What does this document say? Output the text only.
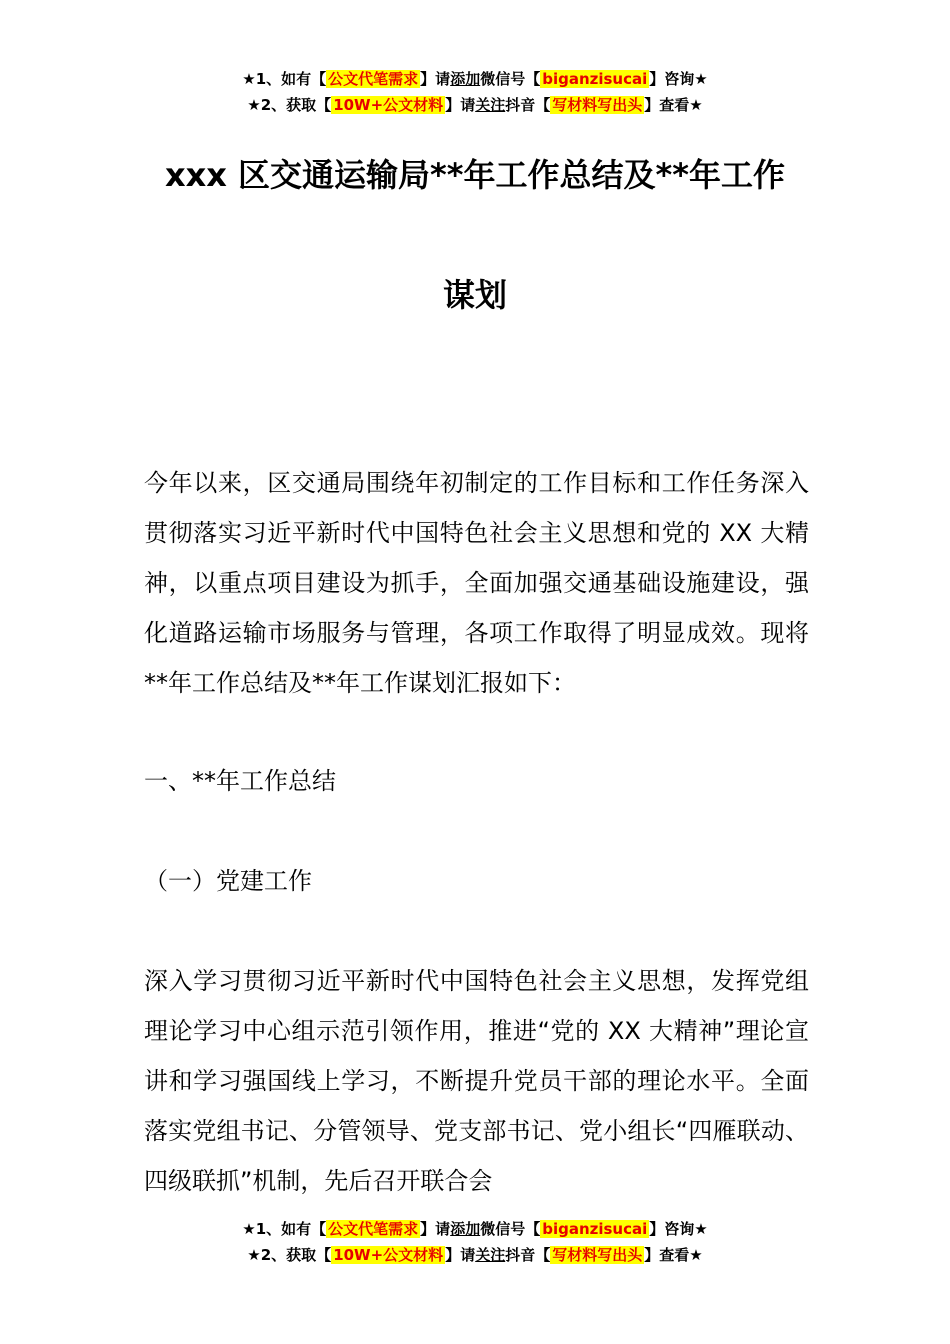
★1、如有【 公文代笔需求 】请添加微信号【 biganzisucai 】咨询★
★2、获取【 10W+公文材料 】请关注抖音【 写材料写出头 】查看★
xxx 区交通运输局**年工作总结及**年工作
谋划
今年以来，区交通局围绕年初制定的工作目标和工作任务深入贯彻落实习近平新时代中国特色社会主义思想和党的 XX 大精神，以重点项目建设为抓手，全面加强交通基础设施建设，强化道路运输市场服务与管理，各项工作取得了明显成效。现将**年工作总结及**年工作谋划汇报如下：
一、**年工作总结
（一）党建工作
深入学习贯彻习近平新时代中国特色社会主义思想，发挥党组理论学习中心组示范引领作用，推进“党的 XX 大精神”理论宣讲和学习强国线上学习，不断提升党员干部的理论水平。全面落实党组书记、分管领导、党支部书记、党小组长“四雁联动、四级联抓”机制，先后召开联合会
★1、如有【 公文代笔需求 】请添加微信号【 biganzisucai 】咨询★
★2、获取【 10W+公文材料 】请关注抖音【 写材料写出头 】查看★
